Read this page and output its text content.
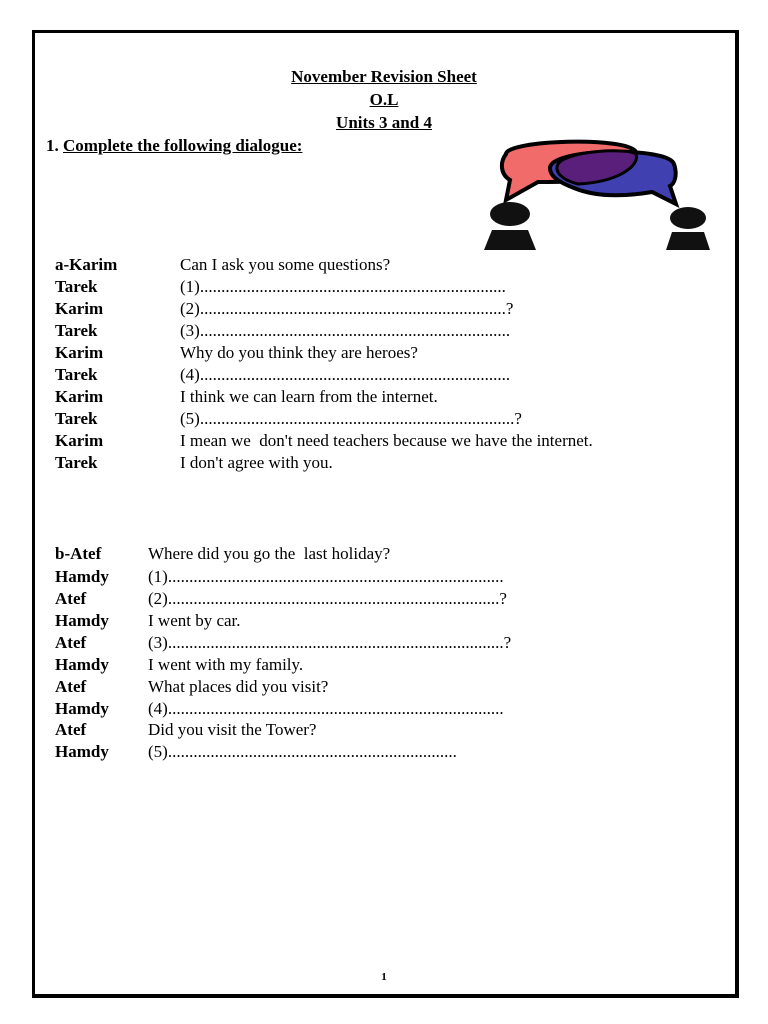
November Revision Sheet
O.L
Units 3 and 4
1. Complete the following dialogue:
a-Karim	Can I ask you some questions?
Tarek	(1)........................................................................
Karim	(2)........................................................................?
Tarek	(3).........................................................................
Karim	Why do you think they are heroes?
Tarek	(4).........................................................................
Karim	I think we can learn from the internet.
Tarek	(5)..........................................................................?
Karim	I mean we  don't need teachers because we have the internet.
Tarek	I don't agree with you.
b-Atef	Where did you go the  last holiday?
Hamdy (1)...............................................................................
Atef	(2)..............................................................................?
Hamdy I went by car.
Atef	(3)...............................................................................?
Hamdy I went with my family.
Atef	What places did you visit?
Hamdy (4)...............................................................................
Atef	Did you visit the Tower?
Hamdy (5)....................................................................
1
